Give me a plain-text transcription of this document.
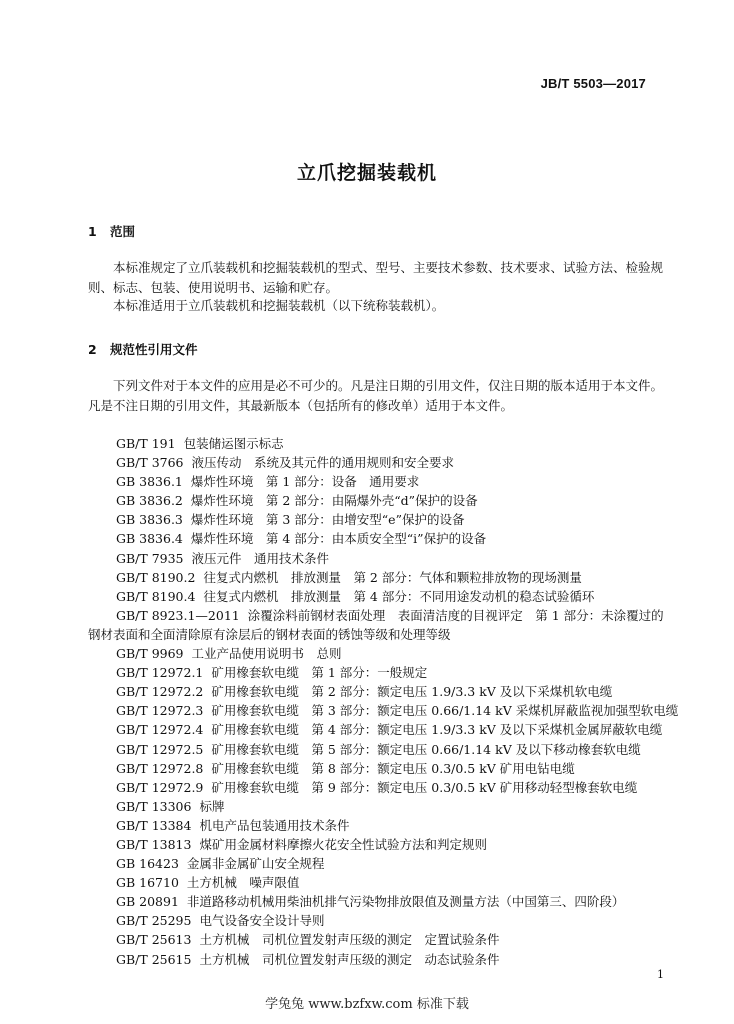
JB/T 5503—2017
立爪挖掘装载机
1 范围
本标准规定了立爪装载机和挖掘装载机的型式、型号、主要技术参数、技术要求、试验方法、检验规则、标志、包装、使用说明书、运输和贮存。
本标准适用于立爪装载机和挖掘装载机（以下统称装载机）。
2 规范性引用文件
下列文件对于本文件的应用是必不可少的。凡是注日期的引用文件，仅注日期的版本适用于本文件。凡是不注日期的引用文件，其最新版本（包括所有的修改单）适用于本文件。
GB/T 191 包装储运图示标志
GB/T 3766 液压传动　系统及其元件的通用规则和安全要求
GB 3836.1 爆炸性环境　第 1 部分：设备　通用要求
GB 3836.2 爆炸性环境　第 2 部分：由隔爆外壳“d”保护的设备
GB 3836.3 爆炸性环境　第 3 部分：由增安型“e”保护的设备
GB 3836.4 爆炸性环境　第 4 部分：由本质安全型“i”保护的设备
GB/T 7935 液压元件　通用技术条件
GB/T 8190.2 往复式内燃机　排放测量　第 2 部分：气体和颗粒排放物的现场测量
GB/T 8190.4 往复式内燃机　排放测量　第 4 部分：不同用途发动机的稳态试验循环
GB/T 8923.1—2011 涂覆涂料前钢材表面处理　表面清洁度的目视评定　第 1 部分：未涂覆过的钢材表面和全面清除原有涂层后的钢材表面的锈蚀等级和处理等级
GB/T 9969 工业产品使用说明书　总则
GB/T 12972.1 矿用橡套软电缆　第 1 部分：一般规定
GB/T 12972.2 矿用橡套软电缆　第 2 部分：额定电压 1.9/3.3 kV 及以下采煤机软电缆
GB/T 12972.3 矿用橡套软电缆　第 3 部分：额定电压 0.66/1.14 kV 采煤机屏蔽监视加强型软电缆
GB/T 12972.4 矿用橡套软电缆　第 4 部分：额定电压 1.9/3.3 kV 及以下采煤机金属屏蔽软电缆
GB/T 12972.5 矿用橡套软电缆　第 5 部分：额定电压 0.66/1.14 kV 及以下移动橡套软电缆
GB/T 12972.8 矿用橡套软电缆　第 8 部分：额定电压 0.3/0.5 kV 矿用电钻电缆
GB/T 12972.9 矿用橡套软电缆　第 9 部分：额定电压 0.3/0.5 kV 矿用移动轻型橡套软电缆
GB/T 13306 标牌
GB/T 13384 机电产品包装通用技术条件
GB/T 13813 煤矿用金属材料摩擦火花安全性试验方法和判定规则
GB 16423 金属非金属矿山安全规程
GB 16710 土方机械　噪声限值
GB 20891 非道路移动机械用柴油机排气污染物排放限值及测量方法（中国第三、四阶段）
GB/T 25295 电气设备安全设计导则
GB/T 25613 土方机械　司机位置发射声压级的测定　定置试验条件
GB/T 25615 土方机械　司机位置发射声压级的测定　动态试验条件
1
学兔兔 www.bzfxw.com 标准下载
